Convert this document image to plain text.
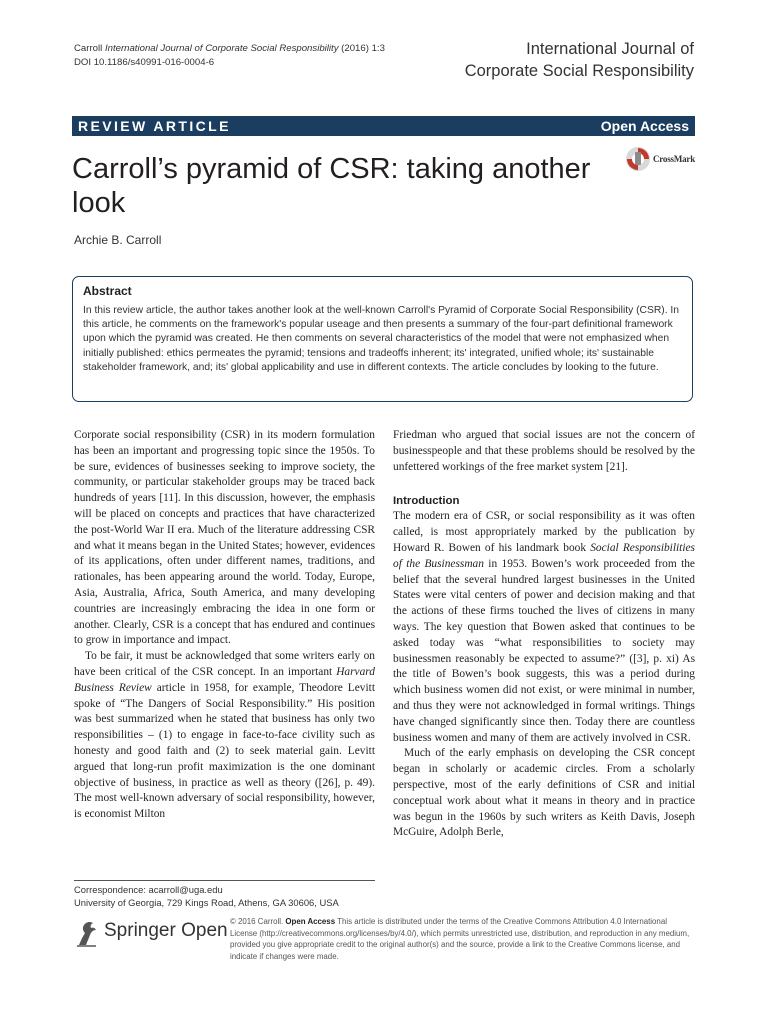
Carroll International Journal of Corporate Social Responsibility (2016) 1:3
DOI 10.1186/s40991-016-0004-6
International Journal of
Corporate Social Responsibility
REVIEW ARTICLE	Open Access
Carroll’s pyramid of CSR: taking another look
CrossMark
Archie B. Carroll
Abstract
In this review article, the author takes another look at the well-known Carroll's Pyramid of Corporate Social Responsibility (CSR). In this article, he comments on the framework's popular useage and then presents a summary of the four-part definitional framework upon which the pyramid was created. He then comments on several characteristics of the model that were not emphasized when initially published: ethics permeates the pyramid; tensions and tradeoffs inherent; its' integrated, unified whole; its' sustainable stakeholder framework, and; its' global applicability and use in different contexts. The article concludes by looking to the future.

Corporate social responsibility (CSR) in its modern formulation has been an important and progressing topic since the 1950s. To be sure, evidences of businesses seeking to improve society, the community, or particular stakeholder groups may be traced back hundreds of years [11]. In this discussion, however, the emphasis will be placed on concepts and practices that have characterized the post-World War II era. Much of the literature addressing CSR and what it means began in the United States; however, evidences of its applications, often under different names, traditions, and rationales, has been appearing around the world. Today, Europe, Asia, Australia, Africa, South America, and many developing countries are increasingly embracing the idea in one form or another. Clearly, CSR is a concept that has endured and continues to grow in importance and impact.

To be fair, it must be acknowledged that some writers early on have been critical of the CSR concept. In an important Harvard Business Review article in 1958, for example, Theodore Levitt spoke of “The Dangers of Social Responsibility.” His position was best summarized when he stated that business has only two responsibilities – (1) to engage in face-to-face civility such as honesty and good faith and (2) to seek material gain. Levitt argued that long-run profit maximization is the one dominant objective of business, in practice as well as theory ([26], p. 49). The most well-known adversary of social responsibility, however, is economist Milton

Friedman who argued that social issues are not the concern of businesspeople and that these problems should be resolved by the unfettered workings of the free market system [21].

Introduction

The modern era of CSR, or social responsibility as it was often called, is most appropriately marked by the publication by Howard R. Bowen of his landmark book Social Responsibilities of the Businessman in 1953. Bowen’s work proceeded from the belief that the several hundred largest businesses in the United States were vital centers of power and decision making and that the actions of these firms touched the lives of citizens in many ways. The key question that Bowen asked that continues to be asked today was “what responsibilities to society may businessmen reasonably be expected to assume?” ([3], p. xi) As the title of Bowen’s book suggests, this was a period during which business women did not exist, or were minimal in number, and thus they were not acknowledged in formal writings. Things have changed significantly since then. Today there are countless business women and many of them are actively involved in CSR.

Much of the early emphasis on developing the CSR concept began in scholarly or academic circles. From a scholarly perspective, most of the early definitions of CSR and initial conceptual work about what it means in theory and in practice was begun in the 1960s by such writers as Keith Davis, Joseph McGuire, Adolph Berle,

Correspondence: acarroll@uga.edu
University of Georgia, 729 Kings Road, Athens, GA 30606, USA
Springer Open © 2016 Carroll. Open Access This article is distributed under the terms of the Creative Commons Attribution 4.0 International License (http://creativecommons.org/licenses/by/4.0/), which permits unrestricted use, distribution, and reproduction in any medium, provided you give appropriate credit to the original author(s) and the source, provide a link to the Creative Commons license, and indicate if changes were made.
